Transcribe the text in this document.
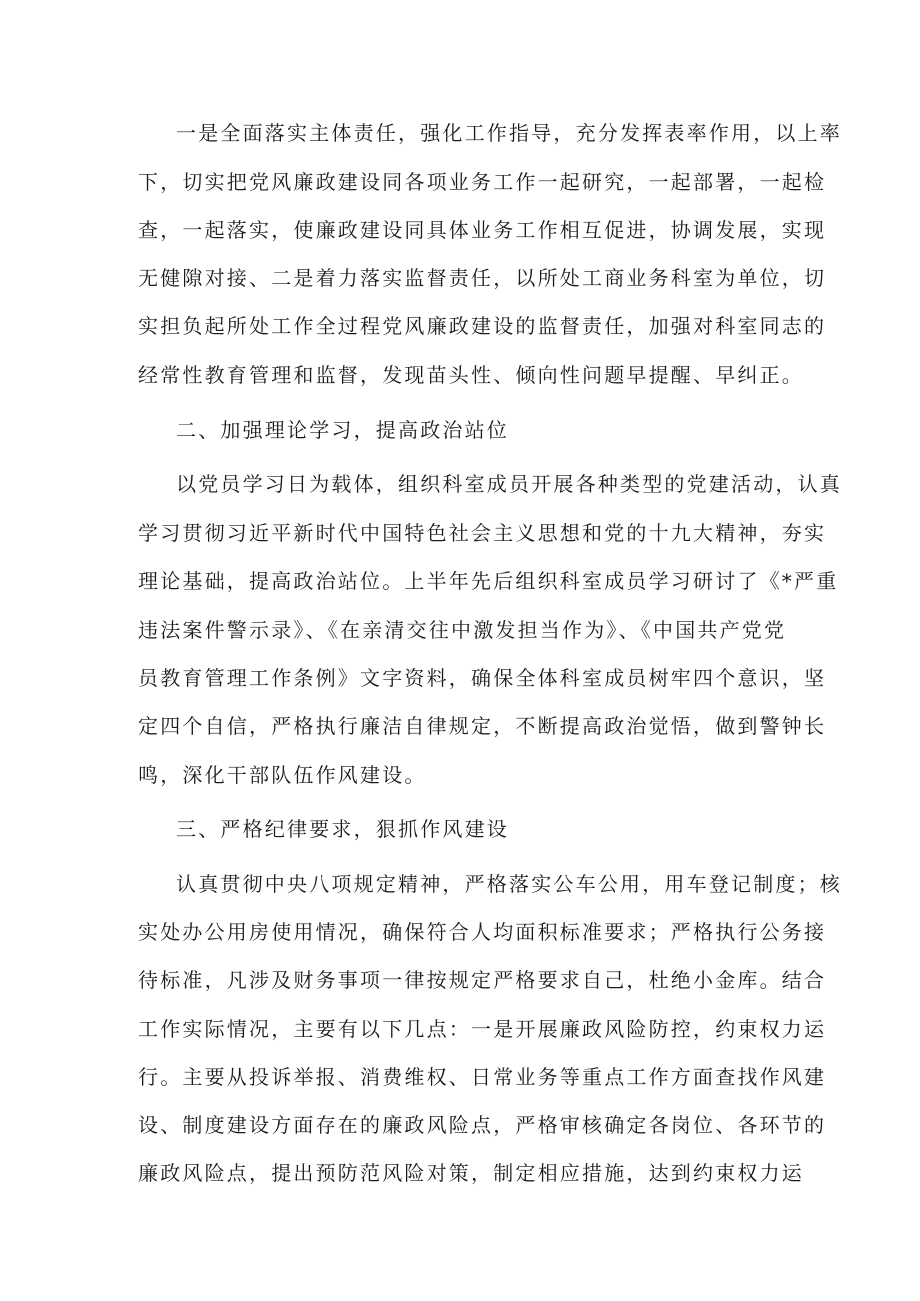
一是全面落实主体责任，强化工作指导，充分发挥表率作用，以上率
下，切实把党风廉政建设同各项业务工作一起研究，一起部署，一起检
查，一起落实，使廉政建设同具体业务工作相互促进，协调发展，实现
无健隙对接、二是着力落实监督责任，以所处工商业务科室为单位，切
实担负起所处工作全过程党风廉政建设的监督责任，加强对科室同志的
经常性教育管理和监督，发现苗头性、倾向性问题早提醒、早纠正。
二、加强理论学习，提高政治站位
以党员学习日为载体，组织科室成员开展各种类型的党建活动，认真
学习贯彻习近平新时代中国特色社会主义思想和党的十九大精神，夯实
理论基础，提高政治站位。上半年先后组织科室成员学习研讨了《*严重
违法案件警示录》、《在亲清交往中激发担当作为》、《中国共产党党
员教育管理工作条例》文字资料，确保全体科室成员树牢四个意识，坚
定四个自信，严格执行廉洁自律规定，不断提高政治觉悟，做到警钟长
鸣，深化干部队伍作风建设。
三、严格纪律要求，狠抓作风建设
认真贯彻中央八项规定精神，严格落实公车公用，用车登记制度；核
实处办公用房使用情况，确保符合人均面积标准要求；严格执行公务接
待标准，凡涉及财务事项一律按规定严格要求自己，杜绝小金库。结合
工作实际情况，主要有以下几点：一是开展廉政风险防控，约束权力运
行。主要从投诉举报、消费维权、日常业务等重点工作方面查找作风建
设、制度建设方面存在的廉政风险点，严格审核确定各岗位、各环节的
廉政风险点，提出预防范风险对策，制定相应措施，达到约束权力运
